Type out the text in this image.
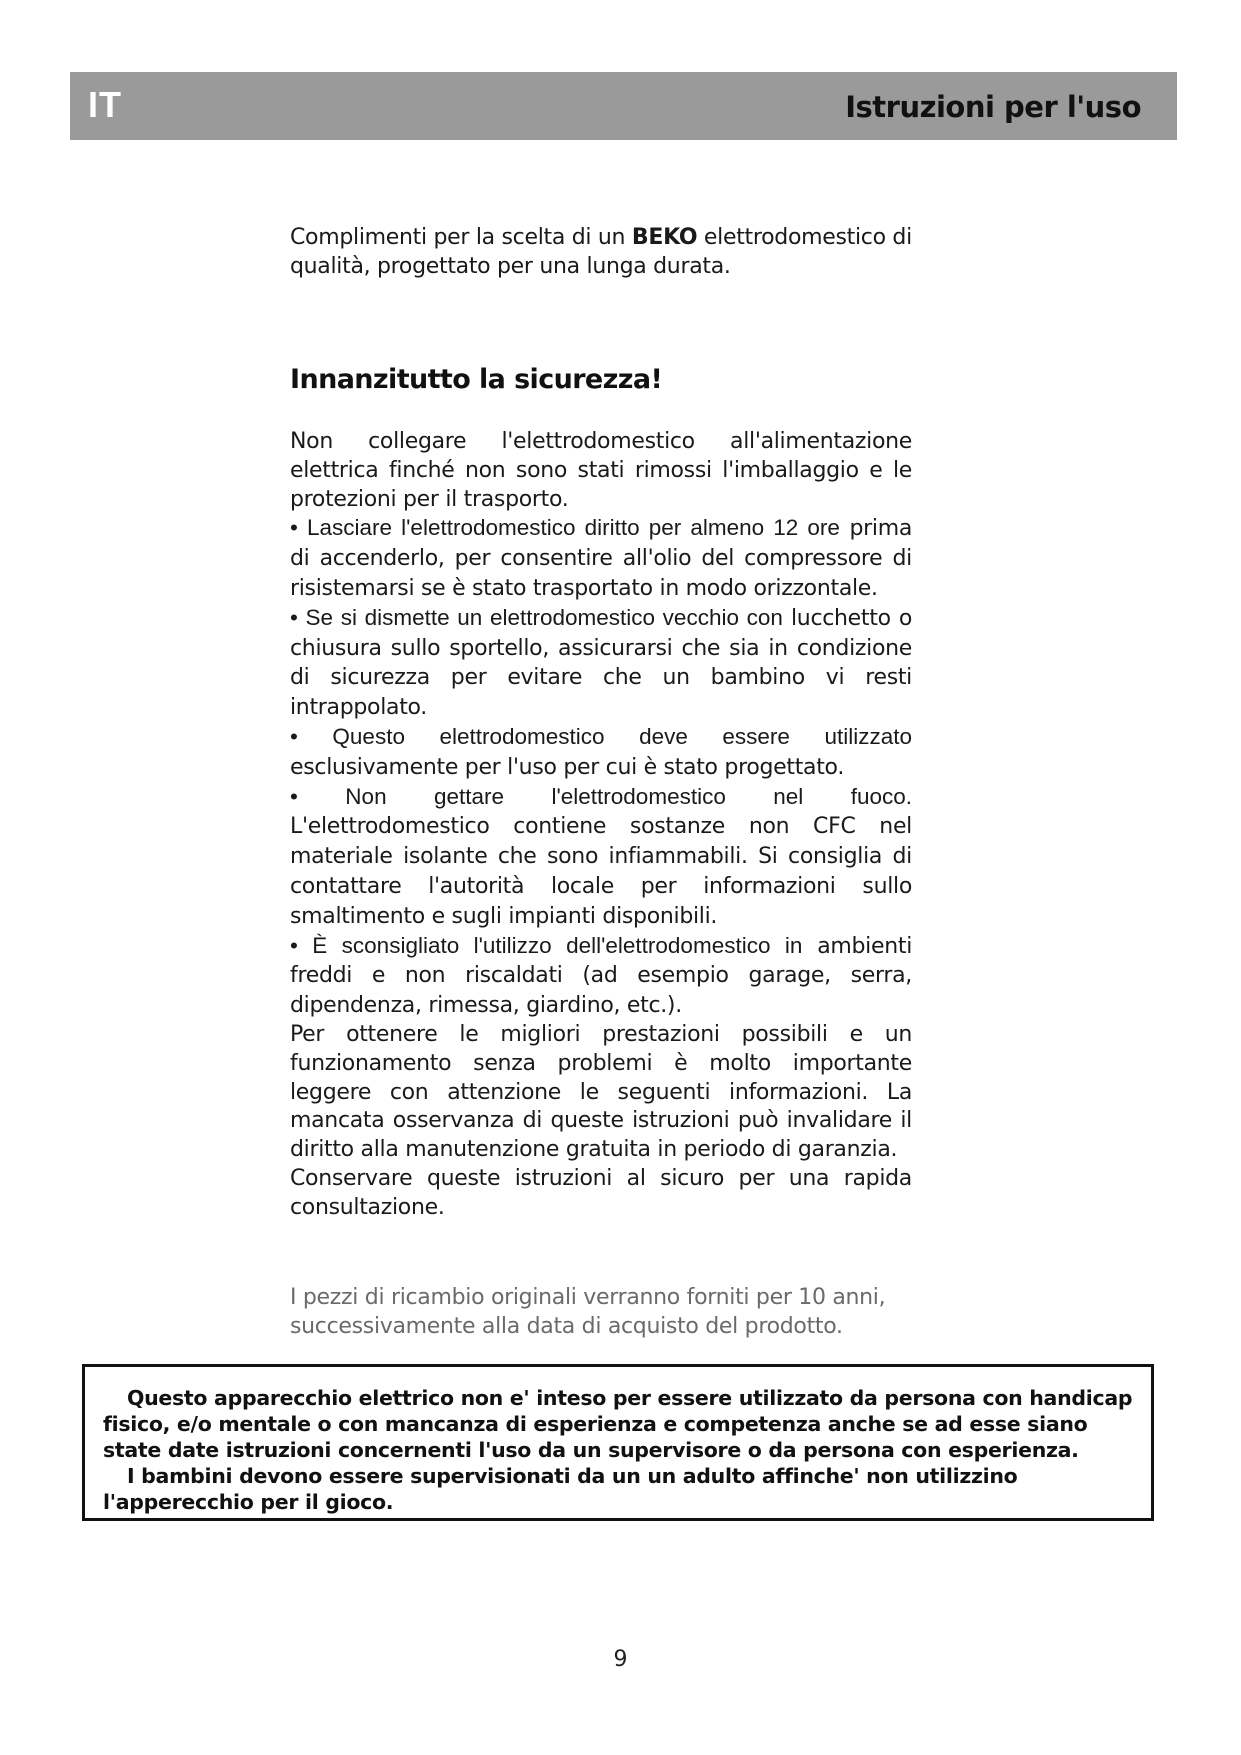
IT	Istruzioni per l'uso

Complimenti per la scelta di un BEKO elettrodomestico di qualità, progettato per una lunga durata.

Innanzitutto la sicurezza!

Non collegare l'elettrodomestico all'alimentazione elettrica finché non sono stati rimossi l'imballaggio e le protezioni per il trasporto.

• Lasciare l'elettrodomestico diritto per almeno 12 ore prima di accenderlo, per consentire all'olio del compressore di risistemarsi se è stato trasportato in modo orizzontale.

• Se si dismette un elettrodomestico vecchio con lucchetto o chiusura sullo sportello, assicurarsi che sia in condizione di sicurezza per evitare che un bambino vi resti intrappolato.

• Questo elettrodomestico deve essere utilizzato esclusivamente per l'uso per cui è stato progettato.

• Non gettare l'elettrodomestico nel fuoco. L'elettrodomestico contiene sostanze non CFC nel materiale isolante che sono infiammabili. Si consiglia di contattare l'autorità locale per informazioni sullo smaltimento e sugli impianti disponibili.

• È sconsigliato l'utilizzo dell'elettrodomestico in ambienti freddi e non riscaldati (ad esempio garage, serra, dipendenza, rimessa, giardino, etc.).

Per ottenere le migliori prestazioni possibili e un funzionamento senza problemi è molto importante leggere con attenzione le seguenti informazioni. La mancata osservanza di queste istruzioni può invalidare il diritto alla manutenzione gratuita in periodo di garanzia.

Conservare queste istruzioni al sicuro per una rapida consultazione.

I pezzi di ricambio originali verranno forniti per 10 anni, successivamente alla data di acquisto del prodotto.

Questo apparecchio elettrico non e' inteso per essere utilizzato da persona con handicap fisico, e/o mentale o con mancanza di esperienza e competenza anche se ad esse siano state date istruzioni concernenti l'uso da un supervisore o da persona con esperienza.

I bambini devono essere supervisionati da un un adulto affinche' non utilizzino l'apperecchio per il gioco.

9
